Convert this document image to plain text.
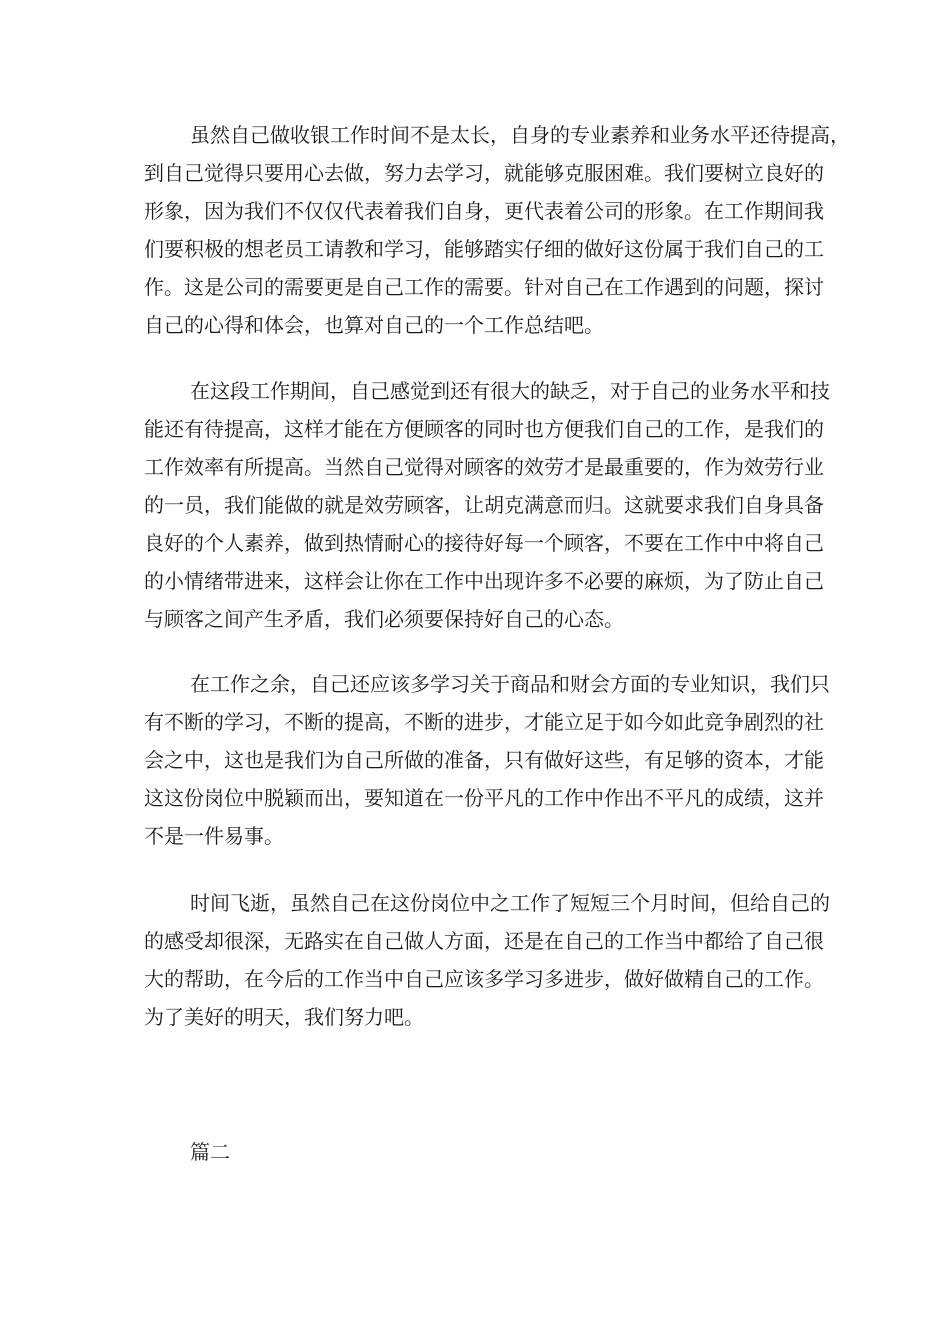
虽然自己做收银工作时间不是太长，自身的专业素养和业务水平还待提高，
到自己觉得只要用心去做，努力去学习，就能够克服困难。我们要树立良好的
形象，因为我们不仅仅代表着我们自身，更代表着公司的形象。在工作期间我
们要积极的想老员工请教和学习，能够踏实仔细的做好这份属于我们自己的工
作。这是公司的需要更是自己工作的需要。针对自己在工作遇到的问题，探讨
自己的心得和体会，也算对自己的一个工作总结吧。
在这段工作期间，自己感觉到还有很大的缺乏，对于自己的业务水平和技
能还有待提高，这样才能在方便顾客的同时也方便我们自己的工作，是我们的
工作效率有所提高。当然自己觉得对顾客的效劳才是最重要的，作为效劳行业
的一员，我们能做的就是效劳顾客，让胡克满意而归。这就要求我们自身具备
良好的个人素养，做到热情耐心的接待好每一个顾客，不要在工作中中将自己
的小情绪带进来，这样会让你在工作中出现许多不必要的麻烦，为了防止自己
与顾客之间产生矛盾，我们必须要保持好自己的心态。
在工作之余，自己还应该多学习关于商品和财会方面的专业知识，我们只
有不断的学习，不断的提高，不断的进步，才能立足于如今如此竞争剧烈的社
会之中，这也是我们为自己所做的准备，只有做好这些，有足够的资本，才能
这这份岗位中脱颖而出，要知道在一份平凡的工作中作出不平凡的成绩，这并
不是一件易事。
时间飞逝，虽然自己在这份岗位中之工作了短短三个月时间，但给自己的
的感受却很深，无路实在自己做人方面，还是在自己的工作当中都给了自己很
大的帮助，在今后的工作当中自己应该多学习多进步，做好做精自己的工作。
为了美好的明天，我们努力吧。
篇二
